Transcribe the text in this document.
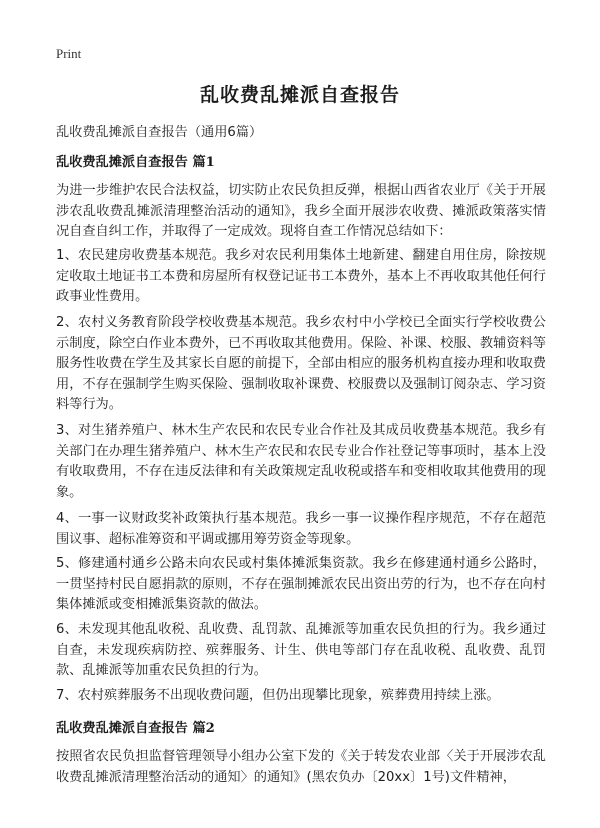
Print
乱收费乱摊派自查报告
乱收费乱摊派自查报告（通用6篇）
乱收费乱摊派自查报告 篇1

为进一步维护农民合法权益，切实防止农民负担反弹，根据山西省农业厅《关于开展涉农乱收费乱摊派清理整治活动的通知》，我乡全面开展涉农收费、摊派政策落实情况自查自纠工作，并取得了一定成效。现将自查工作情况总结如下：

1、农民建房收费基本规范。我乡对农民利用集体土地新建、翻建自用住房，除按规定收取土地证书工本费和房屋所有权登记证书工本费外，基本上不再收取其他任何行政事业性费用。

2、农村义务教育阶段学校收费基本规范。我乡农村中小学校已全面实行学校收费公示制度，除空白作业本费外，已不再收取其他费用。保险、补课、校服、教辅资料等服务性收费在学生及其家长自愿的前提下，全部由相应的服务机构直接办理和收取费用，不存在强制学生购买保险、强制收取补课费、校服费以及强制订阅杂志、学习资料等行为。

3、对生猪养殖户、林木生产农民和农民专业合作社及其成员收费基本规范。我乡有关部门在办理生猪养殖户、林木生产农民和农民专业合作社登记等事项时，基本上没有收取费用，不存在违反法律和有关政策规定乱收税或搭车和变相收取其他费用的现象。

4、一事一议财政奖补政策执行基本规范。我乡一事一议操作程序规范，不存在超范围议事、超标准筹资和平调或挪用筹劳资金等现象。

5、修建通村通乡公路未向农民或村集体摊派集资款。我乡在修建通村通乡公路时，一贯坚持村民自愿捐款的原则，不存在强制摊派农民出资出劳的行为，也不存在向村集体摊派或变相摊派集资款的做法。

6、未发现其他乱收税、乱收费、乱罚款、乱摊派等加重农民负担的行为。我乡通过自查，未发现疾病防控、殡葬服务、计生、供电等部门存在乱收税、乱收费、乱罚款、乱摊派等加重农民负担的行为。

7、农村殡葬服务不出现收费问题，但仍出现攀比现象，殡葬费用持续上涨。

乱收费乱摊派自查报告 篇2

按照省农民负担监督管理领导小组办公室下发的《关于转发农业部〈关于开展涉农乱收费乱摊派清理整治活动的通知〉的通知》(黑农负办〔20xx〕1号)文件精神，
